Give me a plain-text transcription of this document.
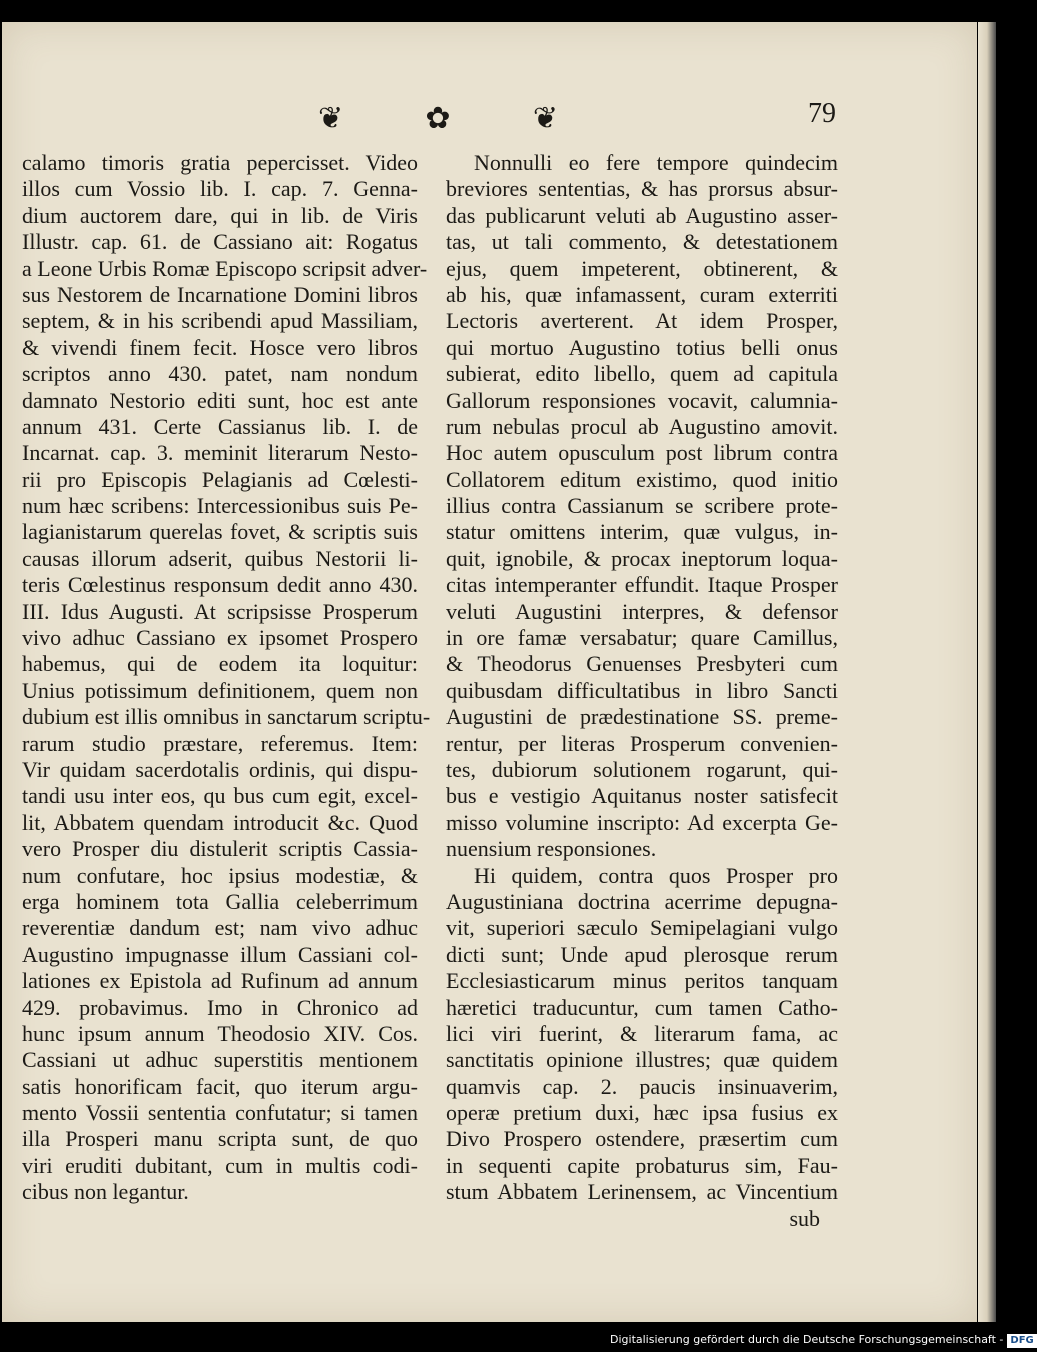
❦	✿	❦	79
calamo timoris gratia pepercisset. Video
illos cum Vossio lib. I. cap. 7. Genna-
dium auctorem dare, qui in lib. de Viris
Illustr. cap. 61. de Cassiano ait: Rogatus
a Leone Urbis Romæ Episcopo scripsit adver-
sus Nestorem de Incarnatione Domini libros
septem, & in his scribendi apud Massiliam,
& vivendi finem fecit. Hosce vero libros
scriptos anno 430. patet, nam nondum
damnato Nestorio editi sunt, hoc est ante
annum 431. Certe Cassianus lib. I. de
Incarnat. cap. 3. meminit literarum Nesto-
rii pro Episcopis Pelagianis ad Cœlesti-
num hæc scribens: Intercessionibus suis Pe-
lagianistarum querelas fovet, & scriptis suis
causas illorum adserit, quibus Nestorii li-
teris Cœlestinus responsum dedit anno 430.
III. Idus Augusti. At scripsisse Prosperum
vivo adhuc Cassiano ex ipsomet Prospero
habemus, qui de eodem ita loquitur:
Unius potissimum definitionem, quem non
dubium est illis omnibus in sanctarum scriptu-
rarum studio præstare, referemus. Item:
Vir quidam sacerdotalis ordinis, qui dispu-
tandi usu inter eos, qu bus cum egit, excel-
lit, Abbatem quendam introducit &c. Quod
vero Prosper diu distulerit scriptis Cassia-
num confutare, hoc ipsius modestiæ, &
erga hominem tota Gallia celeberrimum
reverentiæ dandum est; nam vivo adhuc
Augustino impugnasse illum Cassiani col-
lationes ex Epistola ad Rufinum ad annum
429. probavimus. Imo in Chronico ad
hunc ipsum annum Theodosio XIV. Cos.
Cassiani ut adhuc superstitis mentionem
satis honorificam facit, quo iterum argu-
mento Vossii sententia confutatur; si tamen
illa Prosperi manu scripta sunt, de quo
viri eruditi dubitant, cum in multis codi-
cibus non legantur.
Nonnulli eo fere tempore quindecim
breviores sententias, & has prorsus absur-
das publicarunt veluti ab Augustino asser-
tas, ut tali commento, & detestationem
ejus, quem impeterent, obtinerent, &
ab his, quæ infamassent, curam exterriti
Lectoris averterent. At idem Prosper,
qui mortuo Augustino totius belli onus
subierat, edito libello, quem ad capitula
Gallorum responsiones vocavit, calumnia-
rum nebulas procul ab Augustino amovit.
Hoc autem opusculum post librum contra
Collatorem editum existimo, quod initio
illius contra Cassianum se scribere prote-
statur omittens interim, quæ vulgus, in-
quit, ignobile, & procax ineptorum loqua-
citas intemperanter effundit. Itaque Prosper
veluti Augustini interpres, & defensor
in ore famæ versabatur; quare Camillus,
& Theodorus Genuenses Presbyteri cum
quibusdam difficultatibus in libro Sancti
Augustini de prædestinatione SS. preme-
rentur, per literas Prosperum convenien-
tes, dubiorum solutionem rogarunt, qui-
bus e vestigio Aquitanus noster satisfecit
misso volumine inscripto: Ad excerpta Ge-
nuensium responsiones.
Hi quidem, contra quos Prosper pro
Augustiniana doctrina acerrime depugna-
vit, superiori sæculo Semipelagiani vulgo
dicti sunt; Unde apud plerosque rerum
Ecclesiasticarum minus peritos tanquam
hæretici traducuntur, cum tamen Catho-
lici viri fuerint, & literarum fama, ac
sanctitatis opinione illustres; quæ quidem
quamvis cap. 2. paucis insinuaverim,
operæ pretium duxi, hæc ipsa fusius ex
Divo Prospero ostendere, præsertim cum
in sequenti capite probaturus sim, Fau-
stum Abbatem Lerinensem, ac Vincentium
sub
Digitalisierung gefördert durch die Deutsche Forschungsgemeinschaft - DFG
